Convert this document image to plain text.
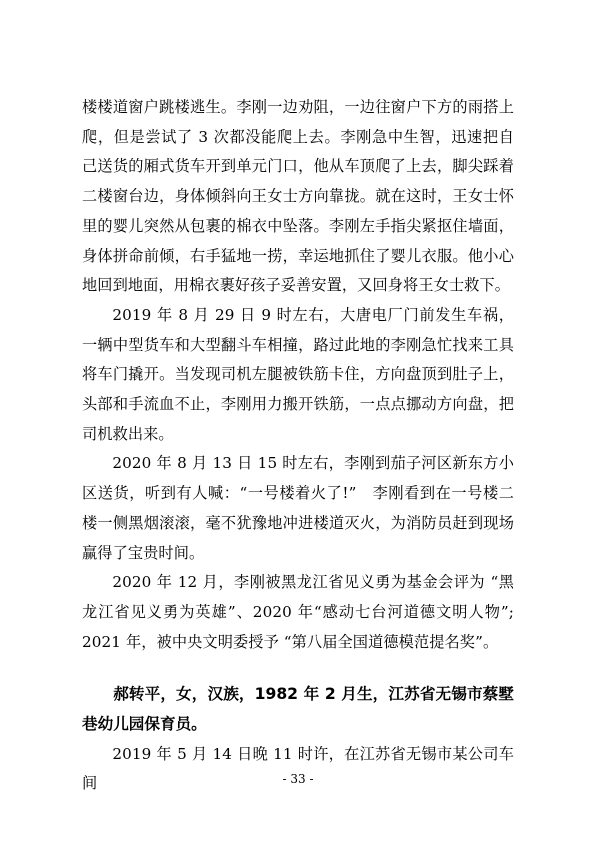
楼楼道窗户跳楼逃生。李刚一边劝阻，一边往窗户下方的雨搭上爬，但是尝试了 3 次都没能爬上去。李刚急中生智，迅速把自己送货的厢式货车开到单元门口，他从车顶爬了上去，脚尖踩着二楼窗台边，身体倾斜向王女士方向靠拢。就在这时，王女士怀里的婴儿突然从包裹的棉衣中坠落。李刚左手指尖紧抠住墙面，身体拼命前倾，右手猛地一捞，幸运地抓住了婴儿衣服。他小心地回到地面，用棉衣裹好孩子妥善安置，又回身将王女士救下。

2019 年 8 月 29 日 9 时左右，大唐电厂门前发生车祸，一辆中型货车和大型翻斗车相撞，路过此地的李刚急忙找来工具将车门撬开。当发现司机左腿被铁筋卡住，方向盘顶到肚子上，头部和手流血不止，李刚用力搬开铁筋，一点点挪动方向盘，把司机救出来。

2020 年 8 月 13 日 15 时左右，李刚到茄子河区新东方小区送货，听到有人喊：“一号楼着火了!”　李刚看到在一号楼二楼一侧黑烟滚滚，毫不犹豫地冲进楼道灭火，为消防员赶到现场赢得了宝贵时间。

2020 年 12 月，李刚被黑龙江省见义勇为基金会评为 “黑龙江省见义勇为英雄”、2020 年“感动七台河道德文明人物”; 2021 年，被中央文明委授予 “第八届全国道德模范提名奖”。

郝转平，女，汉族，1982 年 2 月生，江苏省无锡市蔡墅巷幼儿园保育员。

2019 年 5 月 14 日晚 11 时许，在江苏省无锡市某公司车间	- 33 -
